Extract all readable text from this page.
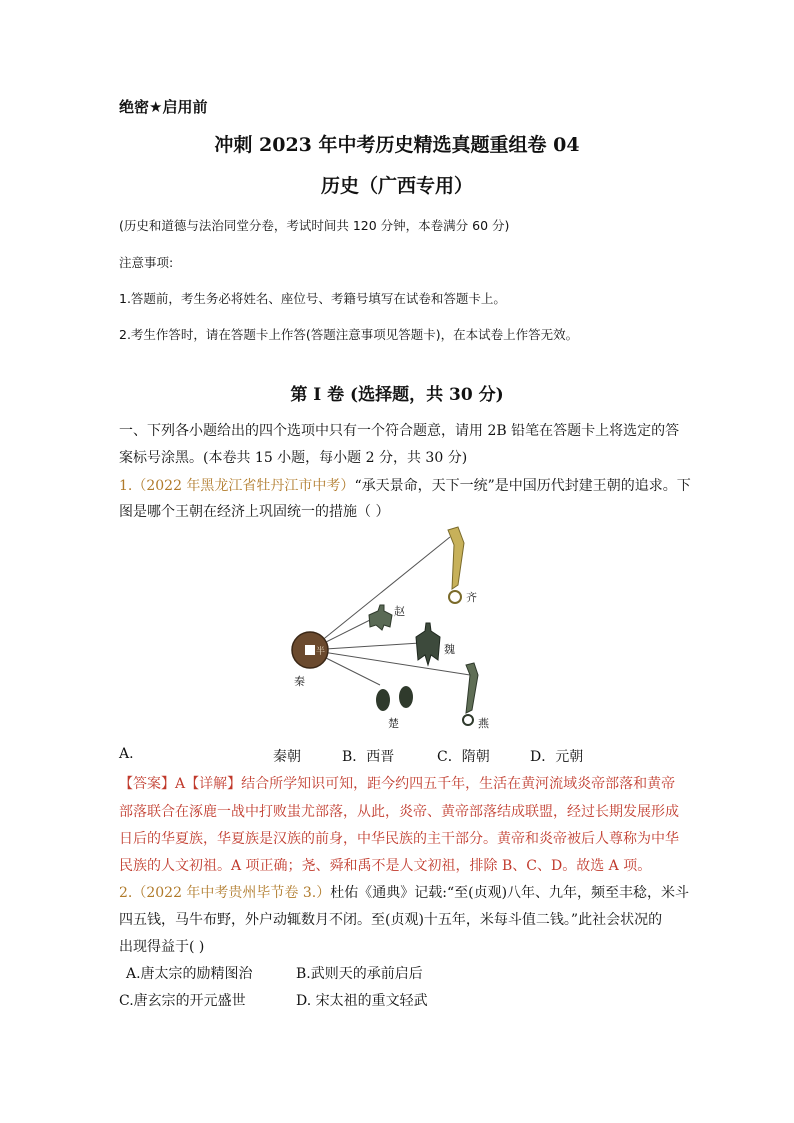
绝密★启用前
冲刺 2023 年中考历史精选真题重组卷 04
历史（广西专用）
(历史和道德与法治同堂分卷，考试时间共 120 分钟，本卷满分 60 分)
注意事项:
1.答题前，考生务必将姓名、座位号、考籍号填写在试卷和答题卡上。
2.考生作答时，请在答题卡上作答(答题注意事项见答题卡)，在本试卷上作答无效。
第 I 卷 (选择题，共 30 分)
一、下列各小题给出的四个选项中只有一个符合题意，请用 2B 铅笔在答题卡上将选定的答
案标号涂黑。(本卷共 15 小题，每小题 2 分，共 30 分)
1.（2022 年黑龙江省牡丹江市中考）“承天景命，天下一统”是中国历代封建王朝的追求。下
图是哪个王朝在经济上巩固统一的措施（ ）
半
秦
齐
赵
魏
楚	燕
A.	秦朝	B．西晋	C．隋朝	D．元朝
【答案】A【详解】结合所学知识可知，距今约四五千年，生活在黄河流域炎帝部落和黄帝
部落联合在涿鹿一战中打败蚩尤部落，从此，炎帝、黄帝部落结成联盟，经过长期发展形成
日后的华夏族，华夏族是汉族的前身，中华民族的主干部分。黄帝和炎帝被后人尊称为中华
民族的人文初祖。A 项正确；尧、舜和禹不是人文初祖，排除 B、C、D。故选 A 项。
2.（2022 年中考贵州毕节卷 3.）杜佑《通典》记载:“至(贞观)八年、九年，频至丰稔，米斗
四五钱，马牛布野，外户动辄数月不闭。至(贞观)十五年，米每斗值二钱。”此社会状况的
出现得益于( )
A.唐太宗的励精图治	B.武则天的承前启后
C.唐玄宗的开元盛世	D. 宋太祖的重文轻武
